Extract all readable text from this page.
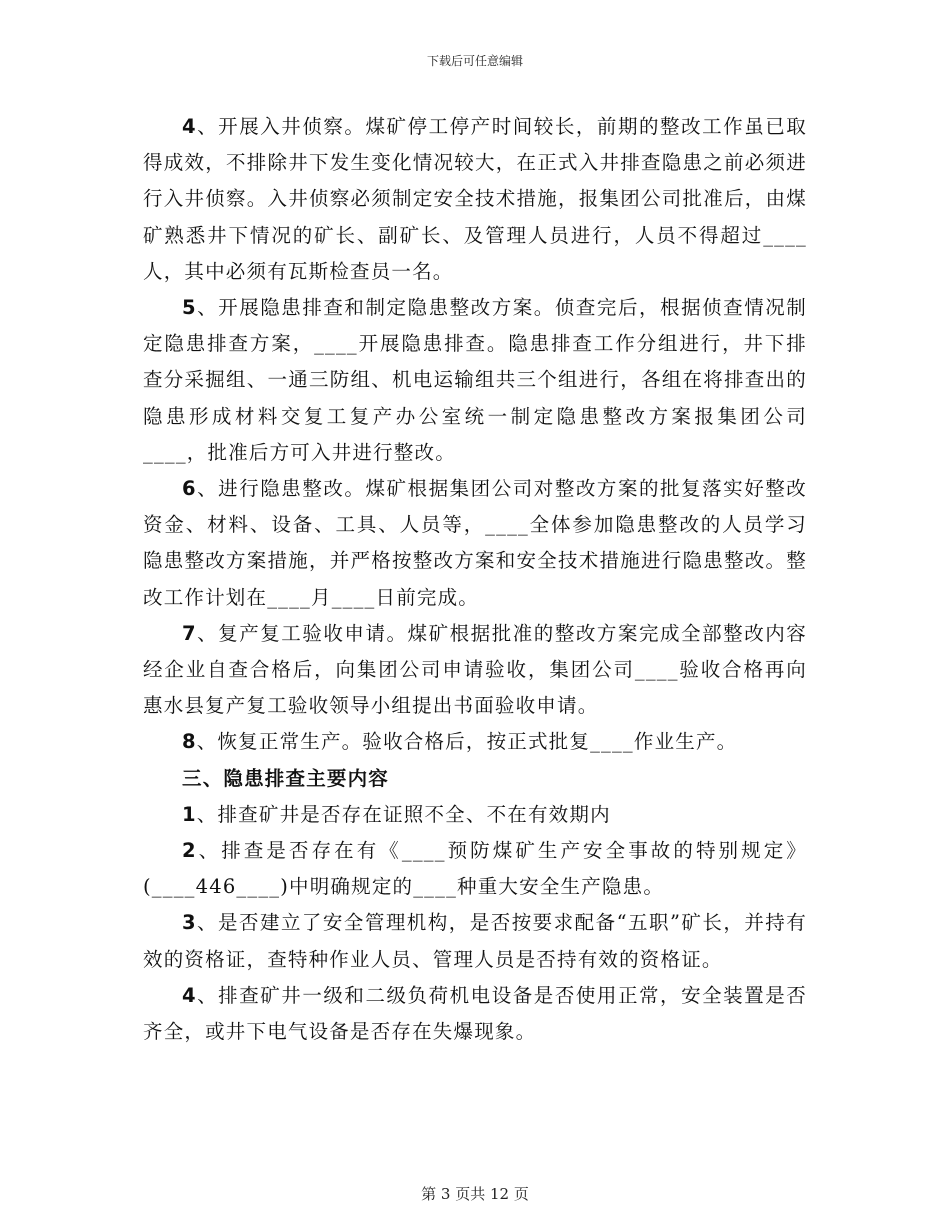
下载后可任意编辑

4、开展入井侦察。煤矿停工停产时间较长，前期的整改工作虽已取得成效，不排除井下发生变化情况较大，在正式入井排查隐患之前必须进行入井侦察。入井侦察必须制定安全技术措施，报集团公司批准后，由煤矿熟悉井下情况的矿长、副矿长、及管理人员进行，人员不得超过____人，其中必须有瓦斯检查员一名。

5、开展隐患排查和制定隐患整改方案。侦查完后，根据侦查情况制定隐患排查方案，____开展隐患排查。隐患排查工作分组进行，井下排查分采掘组、一通三防组、机电运输组共三个组进行，各组在将排查出的隐患形成材料交复工复产办公室统一制定隐患整改方案报集团公司____，批准后方可入井进行整改。

6、进行隐患整改。煤矿根据集团公司对整改方案的批复落实好整改资金、材料、设备、工具、人员等，____全体参加隐患整改的人员学习隐患整改方案措施，并严格按整改方案和安全技术措施进行隐患整改。整改工作计划在____月____日前完成。

7、复产复工验收申请。煤矿根据批准的整改方案完成全部整改内容经企业自查合格后，向集团公司申请验收，集团公司____验收合格再向惠水县复产复工验收领导小组提出书面验收申请。

8、恢复正常生产。验收合格后，按正式批复____作业生产。

三、隐患排查主要内容

1、排查矿井是否存在证照不全、不在有效期内

2、排查是否存在有《____预防煤矿生产安全事故的特别规定》(____446____)中明确规定的____种重大安全生产隐患。

3、是否建立了安全管理机构，是否按要求配备“五职”矿长，并持有效的资格证，查特种作业人员、管理人员是否持有效的资格证。

4、排查矿井一级和二级负荷机电设备是否使用正常，安全装置是否齐全，或井下电气设备是否存在失爆现象。

第 3 页共 12 页
